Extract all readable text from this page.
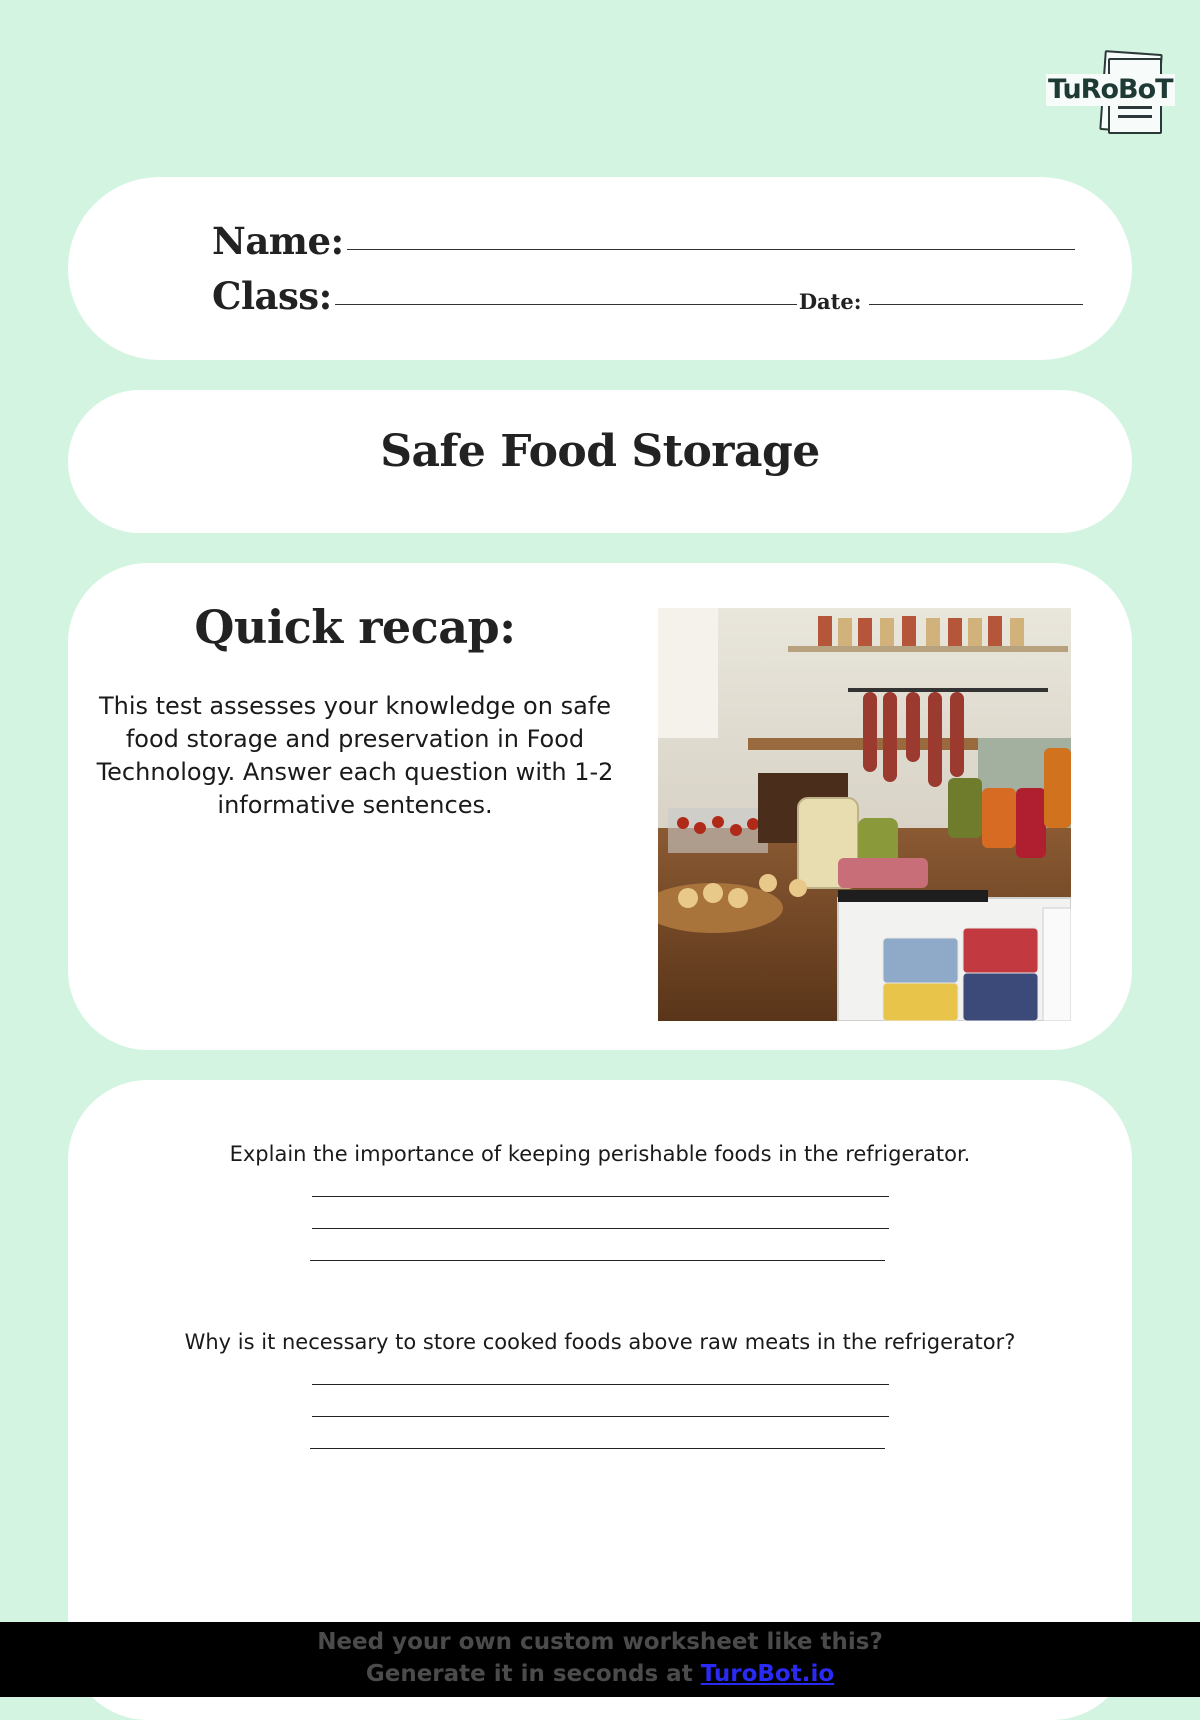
TuRoBoT
Name:
Class:	Date:
Safe Food Storage
Quick recap:
This test assesses your knowledge on safe food storage and preservation in Food Technology. Answer each question with 1-2 informative sentences.
Explain the importance of keeping perishable foods in the refrigerator.
Why is it necessary to store cooked foods above raw meats in the refrigerator?
Need your own custom worksheet like this?
Generate it in seconds at TuroBot.io
